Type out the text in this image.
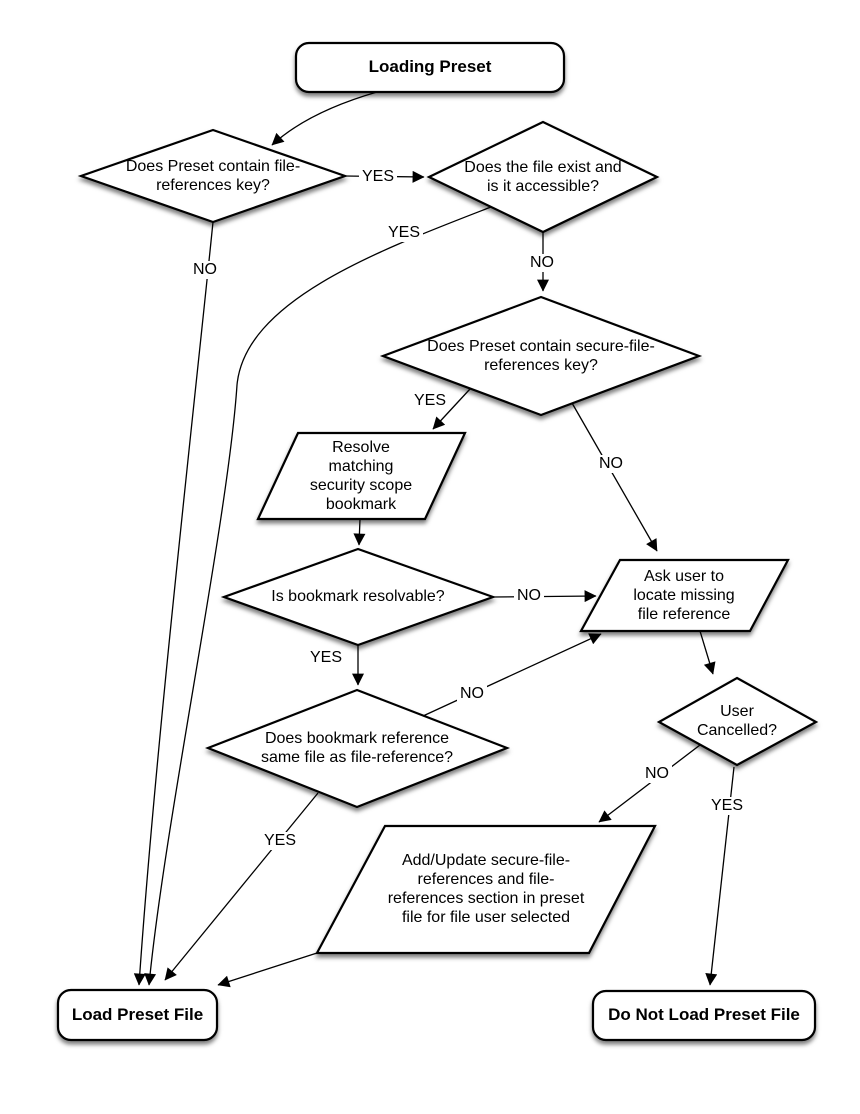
Loading Preset
Does Preset contain file-references key?
Does the file exist and is it accessible?
Does Preset contain secure-file-references key?
Resolve matching security scope bookmark
Is bookmark resolvable?
Ask user to locate missing file reference
Does bookmark reference same file as file-reference?
User Cancelled?
Add/Update secure-file-references and file-references section in preset file for file user selected
Load Preset File	Do Not Load Preset File
YES
NO
YES
NO
YES
NO
NO
YES
NO
NO
YES
YES
